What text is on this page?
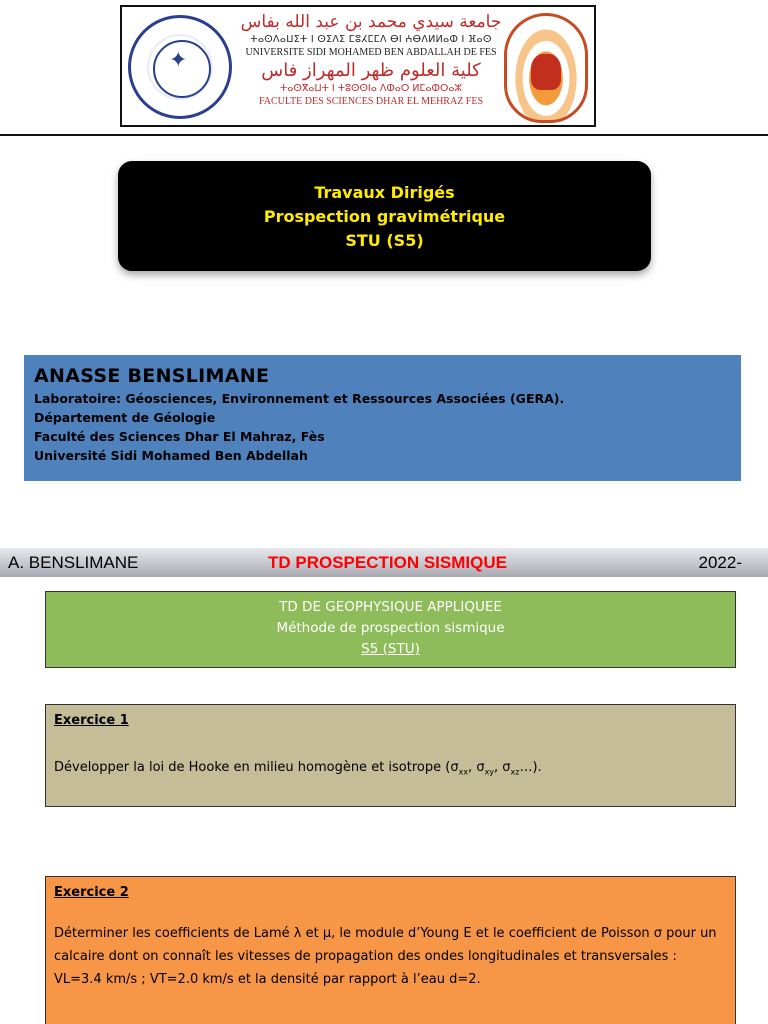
✦
جامعة سيدي محمد بن عبد الله بفاس
ⵜⴰⵙⴷⴰⵡⵉⵜ ⵏ ⵙⵉⴷⵉ ⵎⵓⵃⵎⵎⴷ ⴱⵏ ⵄⴱⴷⵍⵍⴰⵀ ⵏ ⴼⴰⵙ
UNIVERSITE SIDI MOHAMED BEN ABDALLAH DE FES
كلية العلوم ظهر المهراز فاس
ⵜⴰⵙⴳⴰⵡⵜ ⵏ ⵜⵓⵙⵙⵏⴰ ⴷⵀⴰⵔ ⵍⵎⴰⵀⵔⴰⵣ
FACULTE DES SCIENCES DHAR EL MEHRAZ FES
Travaux Dirigés
Prospection gravimétrique
STU (S5)
ANASSE BENSLIMANE
Laboratoire: Géosciences, Environnement et Ressources Associées (GERA).
Département de Géologie
Faculté des Sciences Dhar El Mahraz, Fès
Université Sidi Mohamed Ben Abdellah
A. BENSLIMANE	TD PROSPECTION SISMIQUE	2022-
TD DE GEOPHYSIQUE APPLIQUEE
Méthode de prospection sismique
S5 (STU)
Exercice 1
Développer la loi de Hooke en milieu homogène et isotrope ($\sigma_{xx}$, $\sigma_{xy}$, $\sigma_{xz}\dots$).
Exercice 2
Déterminer les coefficients de Lamé λ et μ, le module d’Young E et le coefficient de Poisson σ pour un calcaire dont on connaît les vitesses de propagation des ondes longitudinales et transversales : VL=3.4 km/s ; VT=2.0 km/s et la densité par rapport à l’eau d=2.
